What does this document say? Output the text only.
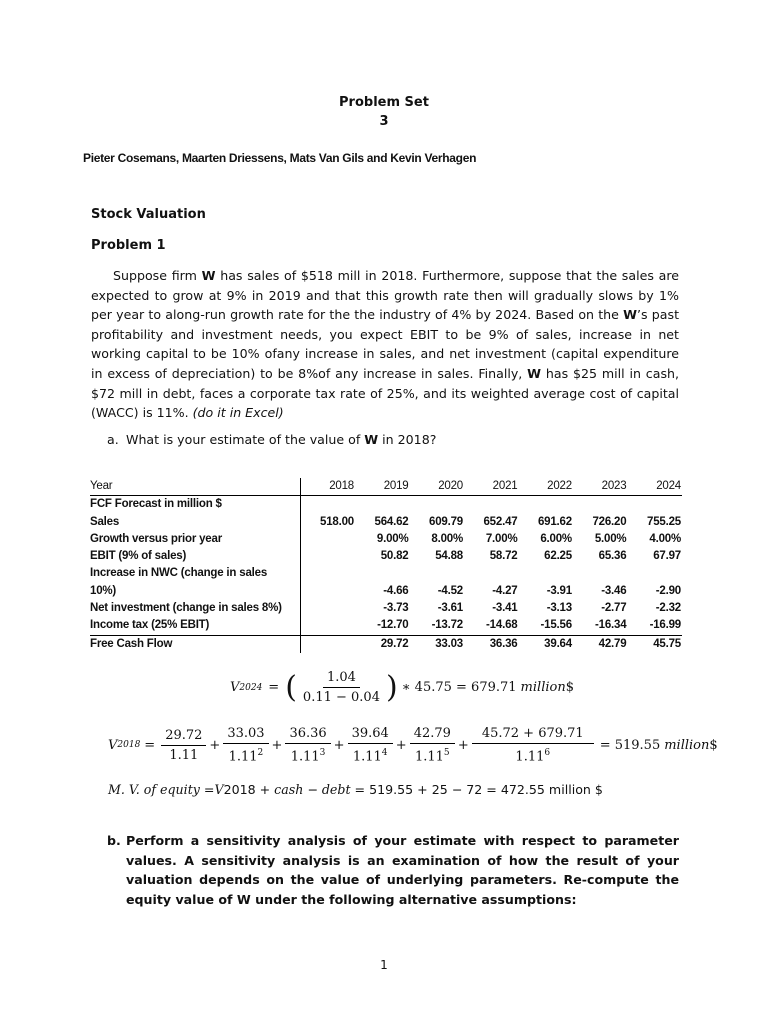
Problem Set
3
Pieter Cosemans, Maarten Driessens, Mats Van Gils and Kevin Verhagen
Stock Valuation
Problem 1
Suppose firm W has sales of $518 mill in 2018. Furthermore, suppose that the sales are expected to grow at 9% in 2019 and that this growth rate then will gradually slows by 1% per year to along-run growth rate for the the industry of 4% by 2024. Based on the W’s past profitability and investment needs, you expect EBIT to be 9% of sales, increase in net working capital to be 10% ofany increase in sales, and net investment (capital expenditure in excess of depreciation) to be 8%of any increase in sales. Finally, W has $25 mill in cash, $72 mill in debt, faces a corporate tax rate of 25%, and its weighted average cost of capital (WACC) is 11%. (do it in Excel)
a. What is your estimate of the value of W in 2018?
Year	2018	2019	2020	2021	2022	2023	2024
FCF Forecast in million $							
Sales	518.00	564.62	609.79	652.47	691.62	726.20	755.25
Growth versus prior year		9.00%	8.00%	7.00%	6.00%	5.00%	4.00%
EBIT (9% of sales)		50.82	54.88	58.72	62.25	65.36	67.97
Increase in NWC (change in sales							
10%)		-4.66	-4.52	-4.27	-3.91	-3.46	-2.90
Net investment (change in sales 8%)		-3.73	-3.61	-3.41	-3.13	-2.77	-2.32
Income tax (25% EBIT)		-12.70	-13.72	-14.68	-15.56	-16.34	-16.99
Free Cash Flow		29.72	33.03	36.36	39.64	42.79	45.75
V 2024 = ( $\frac{1.04}{0.11 - 0.04}$ ) ∗ 45.75 = 679.71 million $
V $2018 = \frac{29.72}{1.11} + \frac{33.03}{1.11^2} + \frac{36.36}{1.11^3} + \frac{39.64}{1.11^4} + \frac{42.79}{1.11^5} + \frac{45.72 + 679.71}{1.11^6} = 519.55$ million $
M. V. of equity =V2018 + cash − debt = 519.55 + 25 − 72 = 472.55 million $
b. Perform a sensitivity analysis of your estimate with respect to parameter values. A sensitivity analysis is an examination of how the result of your valuation depends on the value of underlying parameters. Re-compute the equity value of W under the following alternative assumptions:
1
